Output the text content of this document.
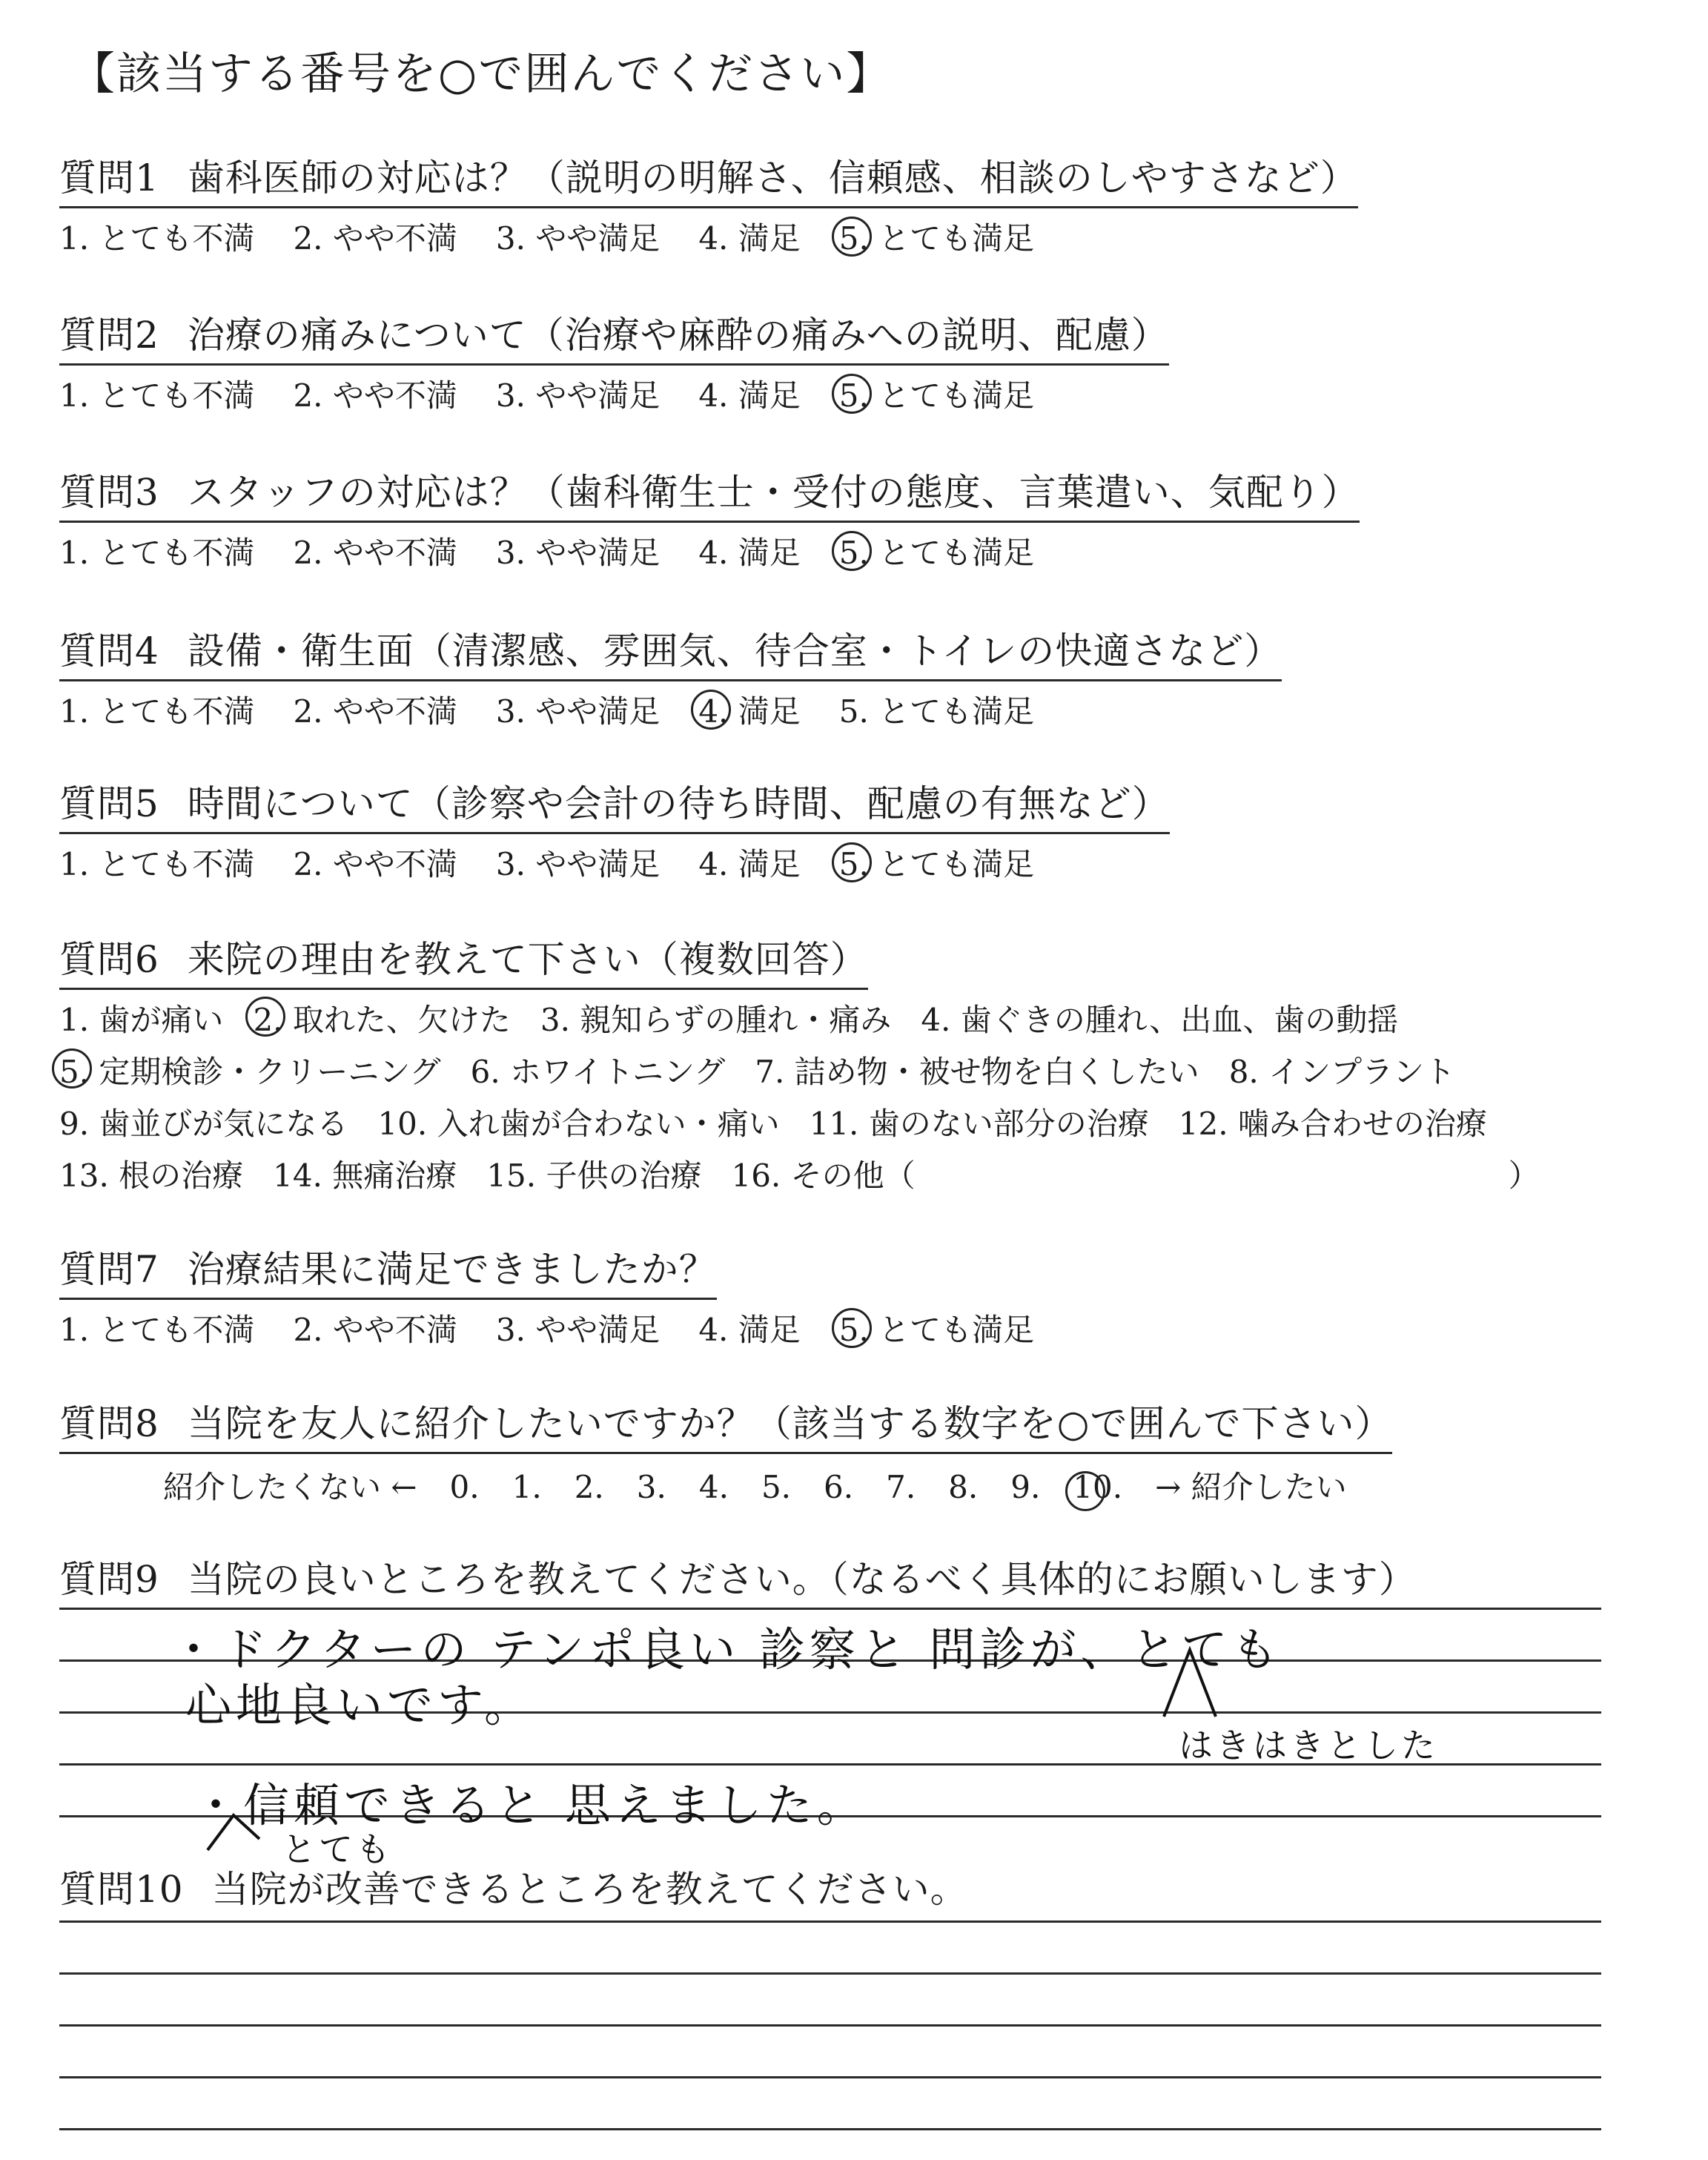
【該当する番号を○で囲んでください】
質問1 歯科医師の対応は？（説明の明解さ、信頼感、相談のしやすさなど）
1. とても不満 2. やや不満 3. やや満足 4. 満足 5. とても満足
質問2 治療の痛みについて（治療や麻酔の痛みへの説明、配慮）
1. とても不満 2. やや不満 3. やや満足 4. 満足 5. とても満足
質問3 スタッフの対応は？（歯科衛生士・受付の態度、言葉遣い、気配り）
1. とても不満 2. やや不満 3. やや満足 4. 満足 5. とても満足
質問4 設備・衛生面（清潔感、雰囲気、待合室・トイレの快適さなど）
1. とても不満 2. やや不満 3. やや満足 4. 満足 5. とても満足
質問5 時間について（診察や会計の待ち時間、配慮の有無など）
1. とても不満 2. やや不満 3. やや満足 4. 満足 5. とても満足
質問6 来院の理由を教えて下さい（複数回答）
1. 歯が痛い 2. 取れた、欠けた 3. 親知らずの腫れ・痛み 4. 歯ぐきの腫れ、出血、歯の動揺
5. 定期検診・クリーニング 6. ホワイトニング 7. 詰め物・被せ物を白くしたい 8. インプラント
9. 歯並びが気になる 10. 入れ歯が合わない・痛い 11. 歯のない部分の治療 12. 噛み合わせの治療
13. 根の治療 14. 無痛治療 15. 子供の治療 16. その他（	）
質問7 治療結果に満足できましたか？
1. とても不満 2. やや不満 3. やや満足 4. 満足 5. とても満足
質問8 当院を友人に紹介したいですか？（該当する数字を○で囲んで下さい）
紹介したくない ← 0. 1. 2. 3. 4. 5. 6. 7. 8. 9. 10. → 紹介したい
質問9 当院の良いところを教えてください。（なるべく具体的にお願いします）
・ドクターの テンポ良い 診察と 問診が、とても
はきはきとした
心地良いです。
・信頼できると 思えました。
とても
質問10 当院が改善できるところを教えてください。
